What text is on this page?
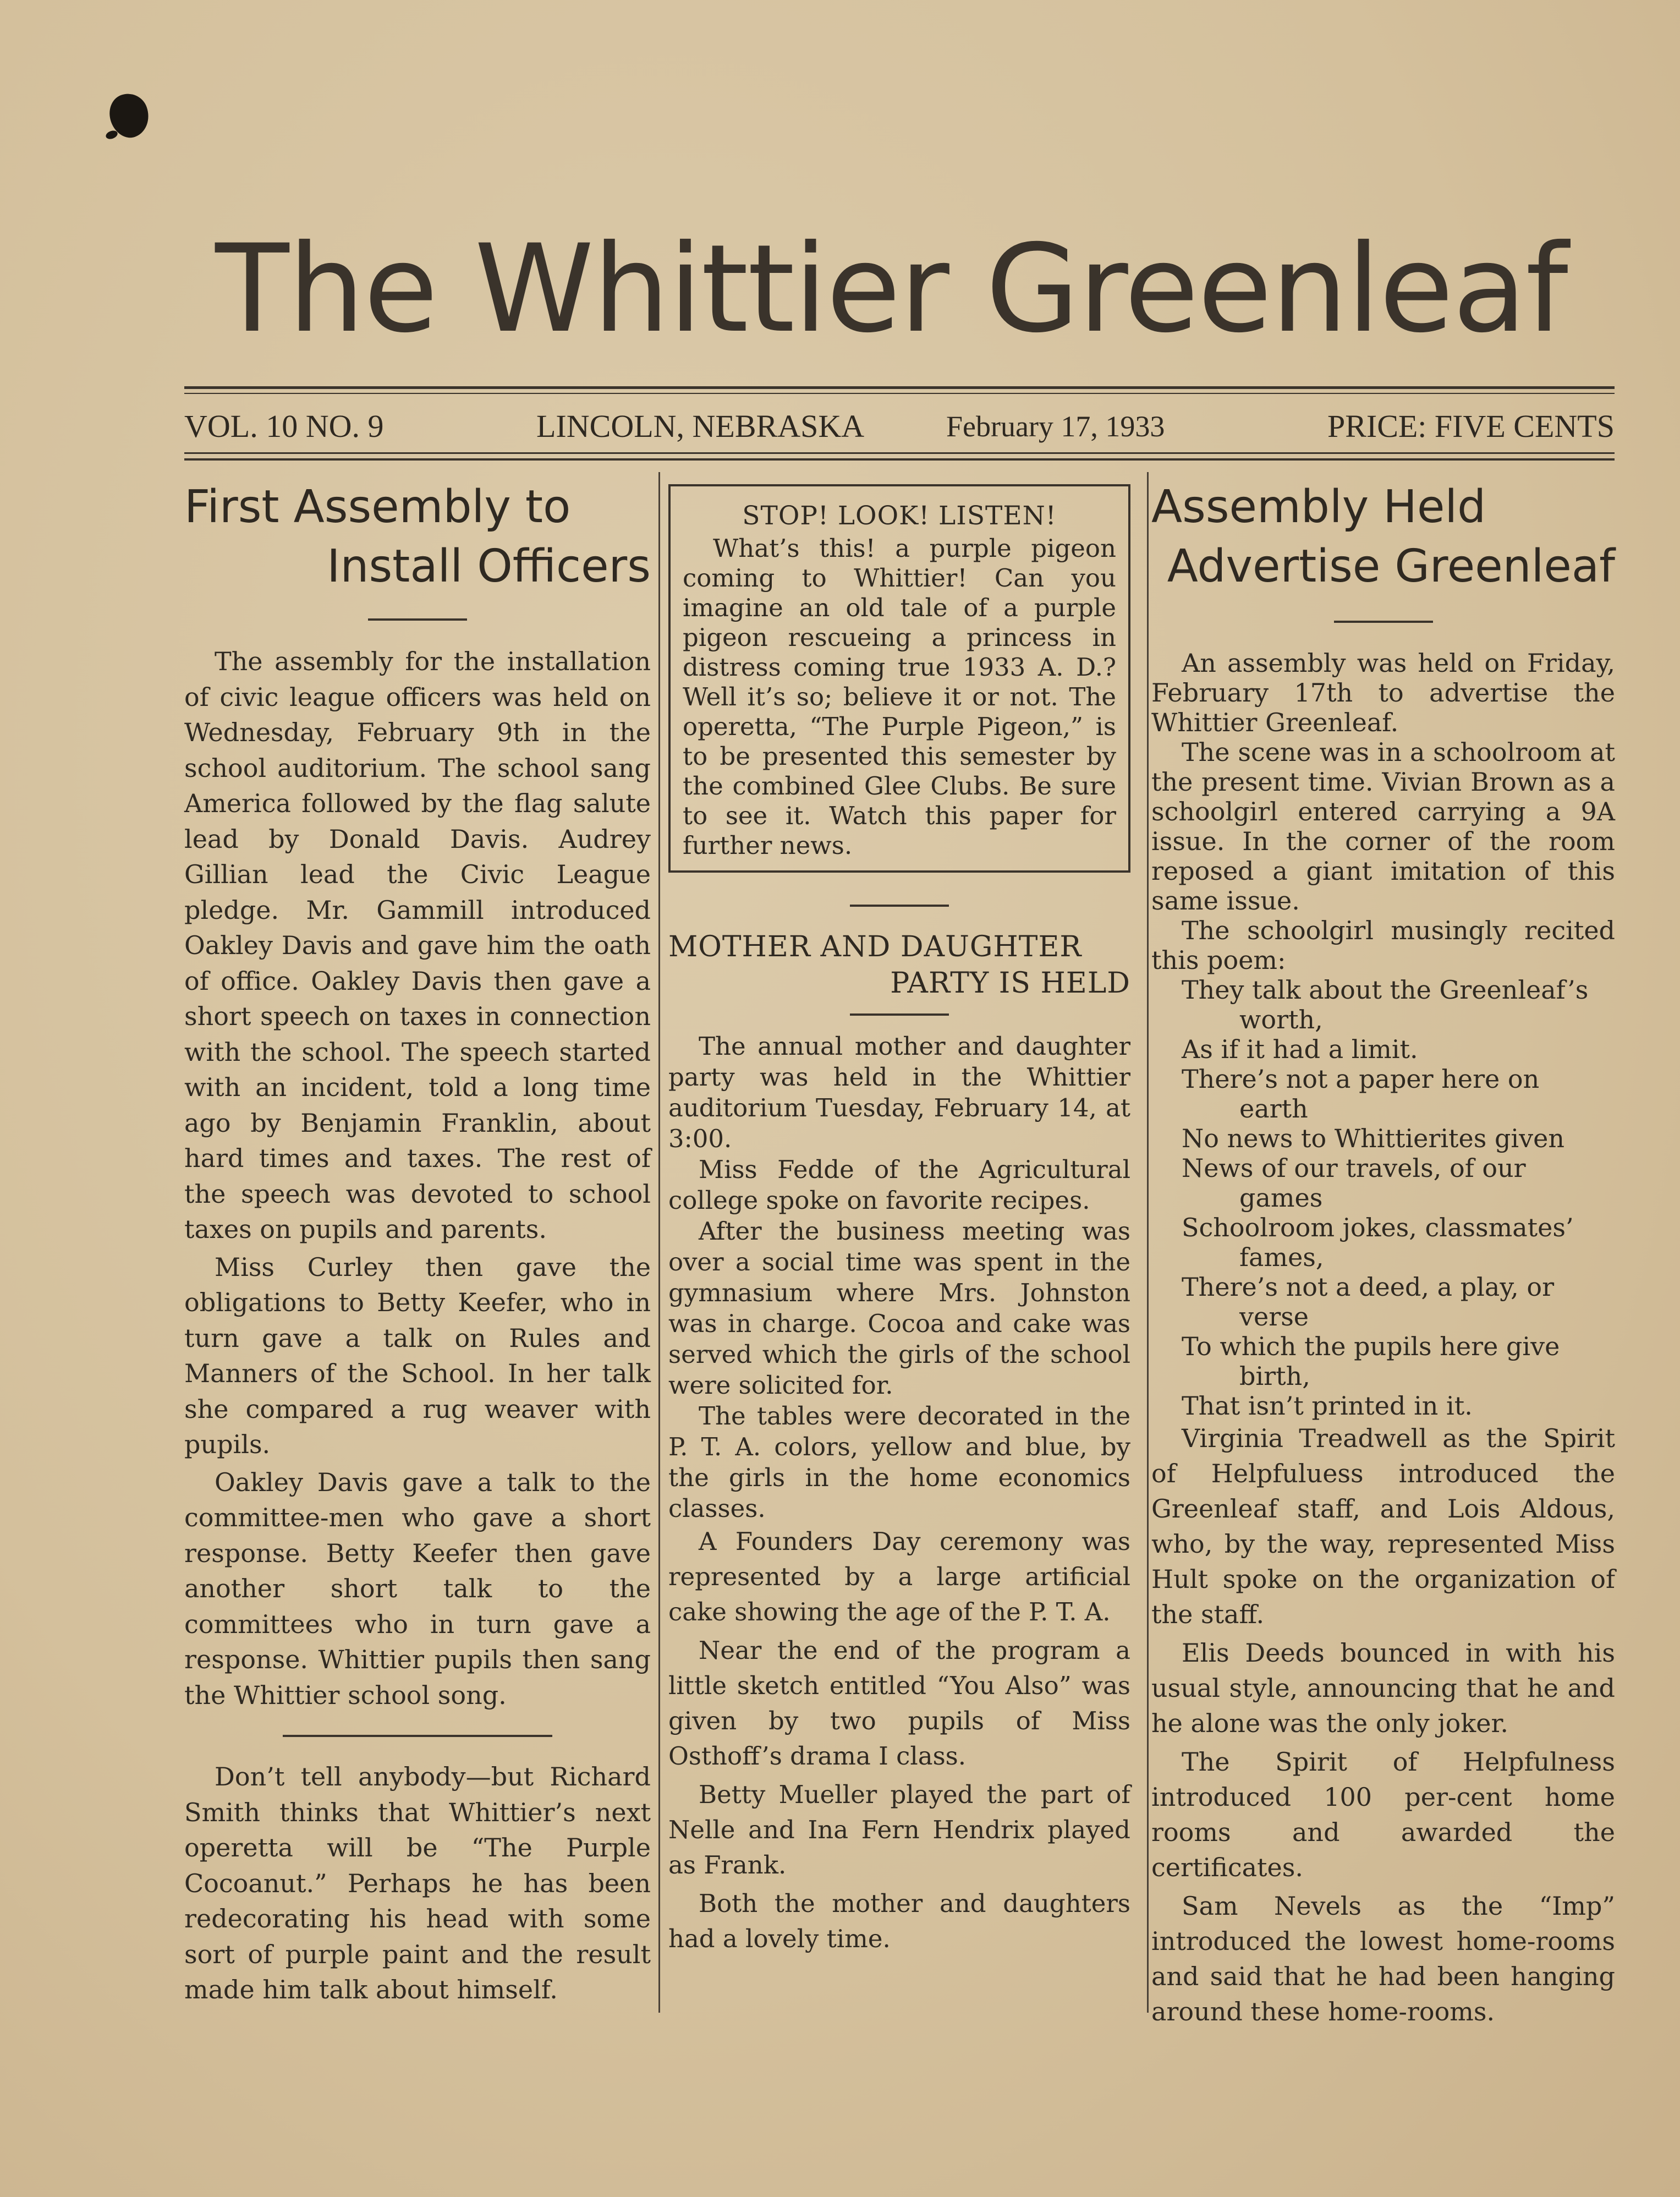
The Whittier Greenleaf
VOL. 10 NO. 9	LINCOLN, NEBRASKA	February 17, 1933	PRICE: FIVE CENTS
First Assembly to
Install Officers

The assembly for the installation of civic league officers was held on Wednesday, February 9th in the school auditorium. The school sang America followed by the flag salute lead by Donald Davis. Audrey Gillian lead the Civic League pledge. Mr. Gammill introduced Oakley Davis and gave him the oath of office. Oakley Davis then gave a short speech on taxes in connection with the school. The speech started with an incident, told a long time ago by Benjamin Franklin, about hard times and taxes. The rest of the speech was devoted to school taxes on pupils and parents.

Miss Curley then gave the obligations to Betty Keefer, who in turn gave a talk on Rules and Manners of the School. In her talk she compared a rug weaver with pupils.

Oakley Davis gave a talk to the committee-men who gave a short response. Betty Keefer then gave another short talk to the committees who in turn gave a response. Whittier pupils then sang the Whittier school song.

Don’t tell anybody—but Richard Smith thinks that Whittier’s next operetta will be “The Purple Cocoanut.” Perhaps he has been redecorating his head with some sort of purple paint and the result made him talk about himself.

STOP! LOOK! LISTEN!

What’s this! a purple pigeon coming to Whittier! Can you imagine an old tale of a purple pigeon rescueing a princess in distress coming true 1933 A. D.? Well it’s so; believe it or not. The operetta, “The Purple Pigeon,” is to be presented this semester by the combined Glee Clubs. Be sure to see it. Watch this paper for further news.

MOTHER AND DAUGHTER
PARTY IS HELD

The annual mother and daughter party was held in the Whittier auditorium Tuesday, February 14, at 3:00.

Miss Fedde of the Agricultural college spoke on favorite recipes.

After the business meeting was over a social time was spent in the gymnasium where Mrs. Johnston was in charge. Cocoa and cake was served which the girls of the school were solicited for.

The tables were decorated in the P. T. A. colors, yellow and blue, by the girls in the home economics classes.

A Founders Day ceremony was represented by a large artificial cake showing the age of the P. T. A.

Near the end of the program a little sketch entitled “You Also” was given by two pupils of Miss Osthoff’s drama I class.

Betty Mueller played the part of Nelle and Ina Fern Hendrix played as Frank.

Both the mother and daughters had a lovely time.

Assembly Held
Advertise Greenleaf

An assembly was held on Friday, February 17th to advertise the Whittier Greenleaf.

The scene was in a schoolroom at the present time. Vivian Brown as a schoolgirl entered carrying a 9A issue. In the corner of the room reposed a giant imitation of this same issue.

The schoolgirl musingly recited this poem:

They talk about the Greenleaf’s
worth,
As if it had a limit.
There’s not a paper here on
earth
No news to Whittierites given
News of our travels, of our
games
Schoolroom jokes, classmates’
fames,
There’s not a deed, a play, or
verse
To which the pupils here give
birth,
That isn’t printed in it.

Virginia Treadwell as the Spirit of Helpfuluess introduced the Greenleaf staff, and Lois Aldous, who, by the way, represented Miss Hult spoke on the organization of the staff.

Elis Deeds bounced in with his usual style, announcing that he and he alone was the only joker.

The Spirit of Helpfulness introduced 100 per-cent home rooms and awarded the certificates.

Sam Nevels as the “Imp” introduced the lowest home-rooms and said that he had been hanging around these home-rooms.
